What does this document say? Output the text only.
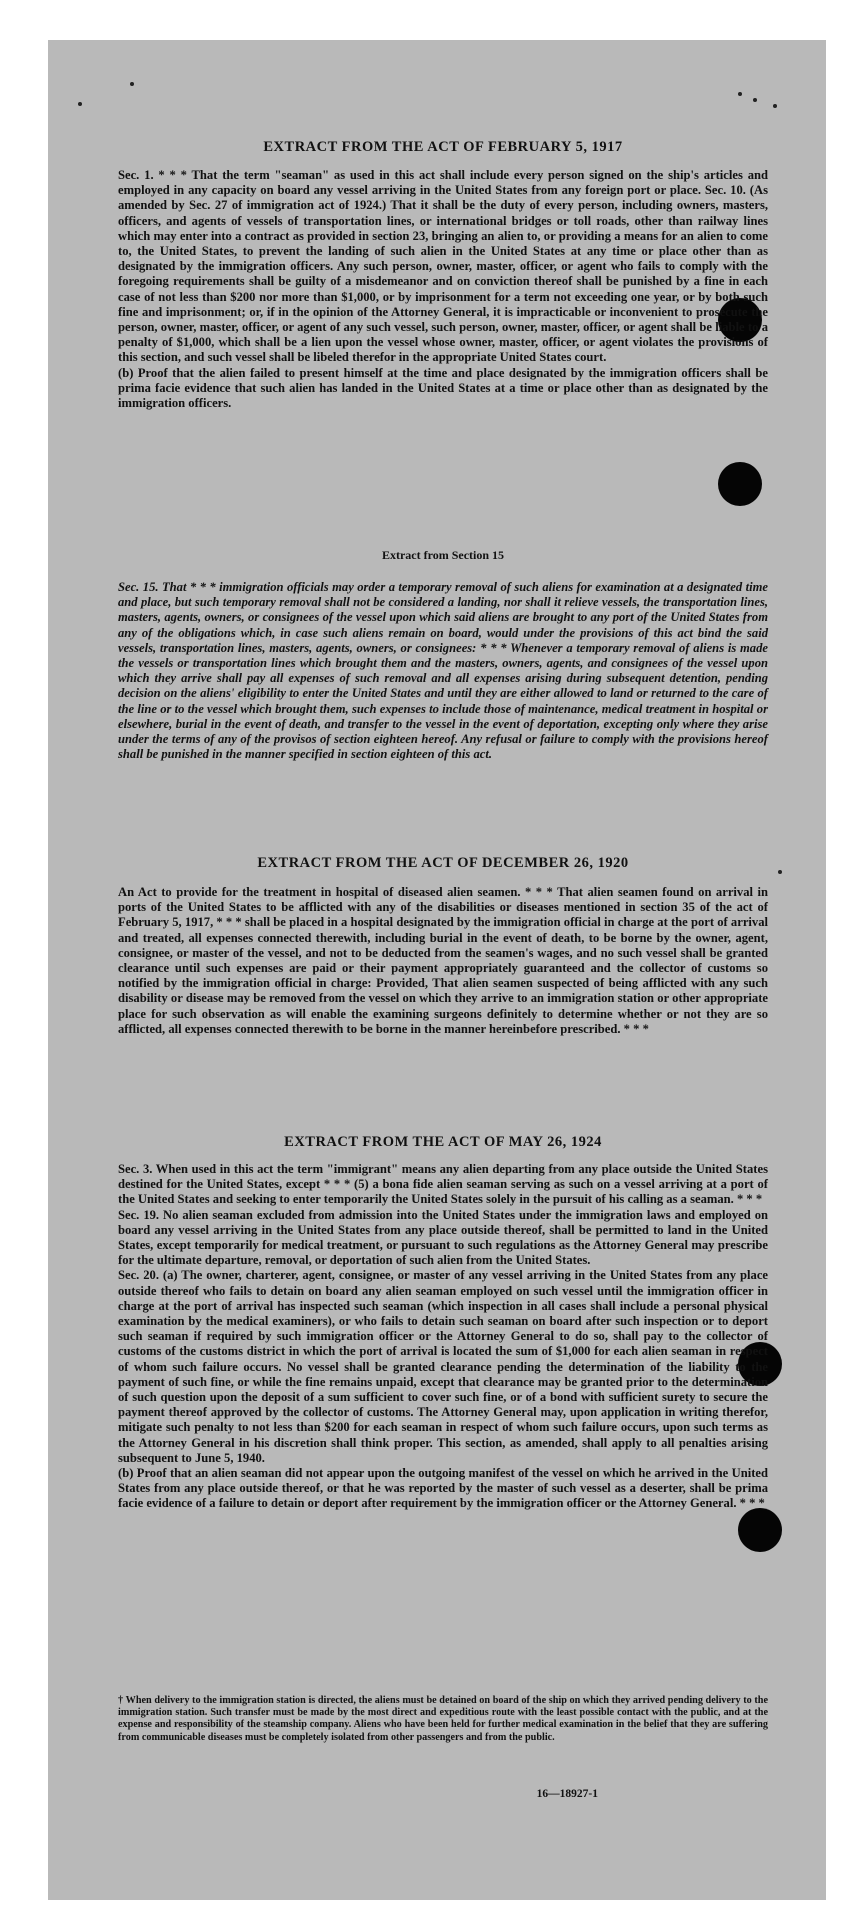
EXTRACT FROM THE ACT OF FEBRUARY 5, 1917

Sec. 1. * * * That the term "seaman" as used in this act shall include every person signed on the ship's articles and employed in any capacity on board any vessel arriving in the United States from any foreign port or place. Sec. 10. (As amended by Sec. 27 of immigration act of 1924.) That it shall be the duty of every person, including owners, masters, officers, and agents of vessels of transportation lines, or international bridges or toll roads, other than railway lines which may enter into a contract as provided in section 23, bringing an alien to, or providing a means for an alien to come to, the United States, to prevent the landing of such alien in the United States at any time or place other than as designated by the immigration officers. Any such person, owner, master, officer, or agent who fails to comply with the foregoing requirements shall be guilty of a misdemeanor and on conviction thereof shall be punished by a fine in each case of not less than $200 nor more than $1,000, or by imprisonment for a term not exceeding one year, or by both such fine and imprisonment; or, if in the opinion of the Attorney General, it is impracticable or inconvenient to prosecute the person, owner, master, officer, or agent of any such vessel, such person, owner, master, officer, or agent shall be liable to a penalty of $1,000, which shall be a lien upon the vessel whose owner, master, officer, or agent violates the provisions of this section, and such vessel shall be libeled therefor in the appropriate United States court.

(b) Proof that the alien failed to present himself at the time and place designated by the immigration officers shall be prima facie evidence that such alien has landed in the United States at a time or place other than as designated by the immigration officers.

Extract from Section 15

Sec. 15. That * * * immigration officials may order a temporary removal of such aliens for examination at a designated time and place, but such temporary removal shall not be considered a landing, nor shall it relieve vessels, the transportation lines, masters, agents, owners, or consignees of the vessel upon which said aliens are brought to any port of the United States from any of the obligations which, in case such aliens remain on board, would under the provisions of this act bind the said vessels, transportation lines, masters, agents, owners, or consignees: * * * Whenever a temporary removal of aliens is made the vessels or transportation lines which brought them and the masters, owners, agents, and consignees of the vessel upon which they arrive shall pay all expenses of such removal and all expenses arising during subsequent detention, pending decision on the aliens' eligibility to enter the United States and until they are either allowed to land or returned to the care of the line or to the vessel which brought them, such expenses to include those of maintenance, medical treatment in hospital or elsewhere, burial in the event of death, and transfer to the vessel in the event of deportation, excepting only where they arise under the terms of any of the provisos of section eighteen hereof. Any refusal or failure to comply with the provisions hereof shall be punished in the manner specified in section eighteen of this act.

EXTRACT FROM THE ACT OF DECEMBER 26, 1920

An Act to provide for the treatment in hospital of diseased alien seamen. * * * That alien seamen found on arrival in ports of the United States to be afflicted with any of the disabilities or diseases mentioned in section 35 of the act of February 5, 1917, * * * shall be placed in a hospital designated by the immigration official in charge at the port of arrival and treated, all expenses connected therewith, including burial in the event of death, to be borne by the owner, agent, consignee, or master of the vessel, and not to be deducted from the seamen's wages, and no such vessel shall be granted clearance until such expenses are paid or their payment appropriately guaranteed and the collector of customs so notified by the immigration official in charge: Provided, That alien seamen suspected of being afflicted with any such disability or disease may be removed from the vessel on which they arrive to an immigration station or other appropriate place for such observation as will enable the examining surgeons definitely to determine whether or not they are so afflicted, all expenses connected therewith to be borne in the manner hereinbefore prescribed. * * *

EXTRACT FROM THE ACT OF MAY 26, 1924

Sec. 3. When used in this act the term "immigrant" means any alien departing from any place outside the United States destined for the United States, except * * * (5) a bona fide alien seaman serving as such on a vessel arriving at a port of the United States and seeking to enter temporarily the United States solely in the pursuit of his calling as a seaman. * * *

Sec. 19. No alien seaman excluded from admission into the United States under the immigration laws and employed on board any vessel arriving in the United States from any place outside thereof, shall be permitted to land in the United States, except temporarily for medical treatment, or pursuant to such regulations as the Attorney General may prescribe for the ultimate departure, removal, or deportation of such alien from the United States.

Sec. 20. (a) The owner, charterer, agent, consignee, or master of any vessel arriving in the United States from any place outside thereof who fails to detain on board any alien seaman employed on such vessel until the immigration officer in charge at the port of arrival has inspected such seaman (which inspection in all cases shall include a personal physical examination by the medical examiners), or who fails to detain such seaman on board after such inspection or to deport such seaman if required by such immigration officer or the Attorney General to do so, shall pay to the collector of customs of the customs district in which the port of arrival is located the sum of $1,000 for each alien seaman in respect of whom such failure occurs. No vessel shall be granted clearance pending the determination of the liability to the payment of such fine, or while the fine remains unpaid, except that clearance may be granted prior to the determination of such question upon the deposit of a sum sufficient to cover such fine, or of a bond with sufficient surety to secure the payment thereof approved by the collector of customs. The Attorney General may, upon application in writing therefor, mitigate such penalty to not less than $200 for each seaman in respect of whom such failure occurs, upon such terms as the Attorney General in his discretion shall think proper. This section, as amended, shall apply to all penalties arising subsequent to June 5, 1940.

(b) Proof that an alien seaman did not appear upon the outgoing manifest of the vessel on which he arrived in the United States from any place outside thereof, or that he was reported by the master of such vessel as a deserter, shall be prima facie evidence of a failure to detain or deport after requirement by the immigration officer or the Attorney General. * * *

† When delivery to the immigration station is directed, the aliens must be detained on board of the ship on which they arrived pending delivery to the immigration station. Such transfer must be made by the most direct and expeditious route with the least possible contact with the public, and at the expense and responsibility of the steamship company. Aliens who have been held for further medical examination in the belief that they are suffering from communicable diseases must be completely isolated from other passengers and from the public.

16—18927-1
